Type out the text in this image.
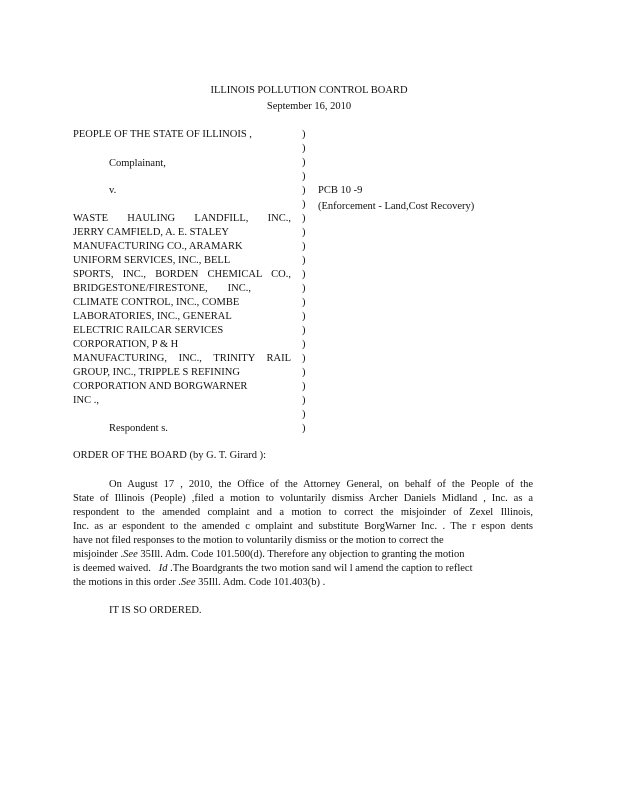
ILLINOIS POLLUTION CONTROL BOARD
September 16, 2010
PEOPLE OF THE STATE OF ILLINOIS ,
Complainant,
v.
WASTE HAULING LANDFILL, INC.,
JERRY CAMFIELD, A. E. STALEY
MANUFACTURING CO., ARAMARK
UNIFORM SERVICES, INC., BELL
SPORTS, INC., BORDEN CHEMICAL CO.,
BRIDGESTONE/FIRESTONE, INC.,
CLIMATE CONTROL, INC., COMBE
LABORATORIES, INC., GENERAL
ELECTRIC RAILCAR SERVICES
CORPORATION, P & H
MANUFACTURING, INC., TRINITY RAIL
GROUP, INC., TRIPPLE S REFINING
CORPORATION AND BORGWARNER
INC .,
Respondent s.
)
)
)
)
)
)
)
)
)
)
)
)
)
)
)
)
)
)
)
)
)
)
PCB 10 -9
(Enforcement - Land,Cost Recovery)
ORDER OF THE BOARD (by G. T. Girard ):
On August 17 , 2010, the Office of the Attorney General, on behalf of the People of the
State of Illinois (People) ,filed a motion to voluntarily dismiss Archer Daniels Midland , Inc. as a
respondent to the amended complaint and a motion to correct the misjoinder of Zexel Illinois,
Inc. as ar espondent to the amended c omplaint and substitute BorgWarner Inc. . The r espon dents
have not filed responses to the motion to voluntarily dismiss or the motion to correct the
misjoinder .See 35Ill. Adm. Code 101.500(d). Therefore any objection to granting the motion
is deemed waived. Id .The Boardgrants the two motion sand wil l amend the caption to reflect
the motions in this order .See 35Ill. Adm. Code 101.403(b) .
IT IS SO ORDERED.
